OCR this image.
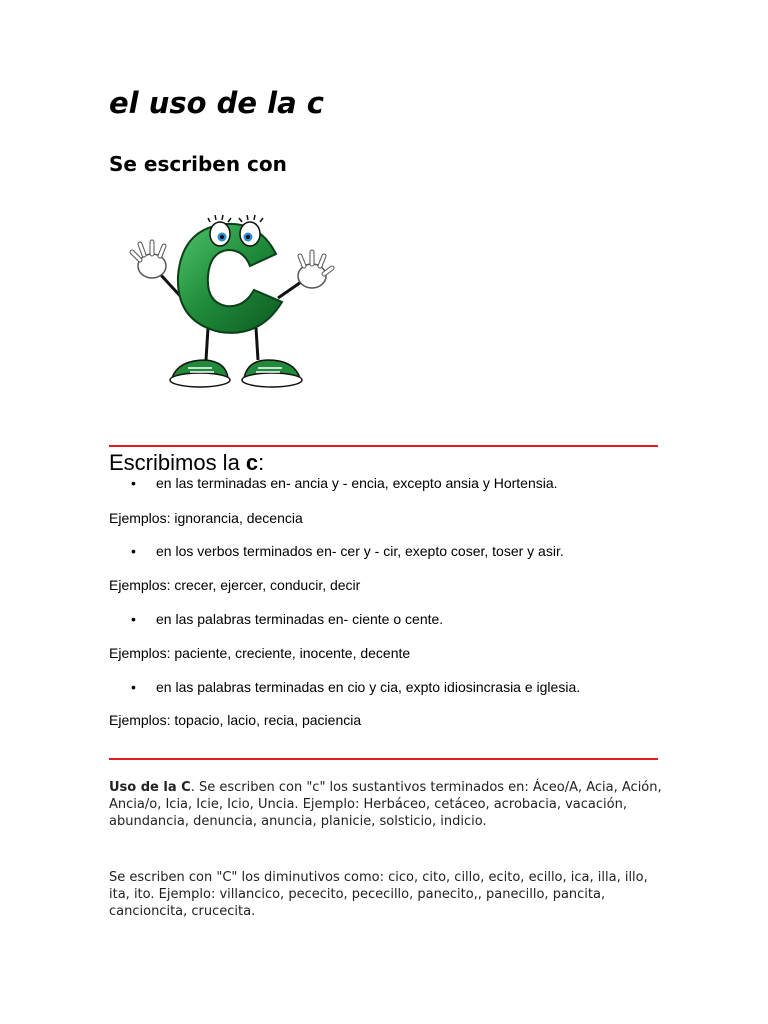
el uso de la c
Se escriben con
Escribimos la c:
• en las terminadas en- ancia y - encia, excepto ansia y Hortensia.
Ejemplos: ignorancia, decencia
• en los verbos terminados en- cer y - cir, exepto coser, toser y asir.
Ejemplos: crecer, ejercer, conducir, decir
• en las palabras terminadas en- ciente o cente.
Ejemplos: paciente, creciente, inocente, decente
• en las palabras terminadas en cio y cia, expto idiosincrasia e iglesia.
Ejemplos: topacio, lacio, recia, paciencia
Uso de la C. Se escriben con "c" los sustantivos terminados en: Áceo/A, Acia, Ación, Ancia/o, Icia, Icie, Icio, Uncia. Ejemplo: Herbáceo, cetáceo, acrobacia, vacación, abundancia, denuncia, anuncia, planicie, solsticio, indicio.
Se escriben con "C" los diminutivos como: cico, cito, cillo, ecito, ecillo, ica, illa, illo, ita, ito. Ejemplo: villancico, pececito, pececillo, panecito,, panecillo, pancita, cancioncita, crucecita.
